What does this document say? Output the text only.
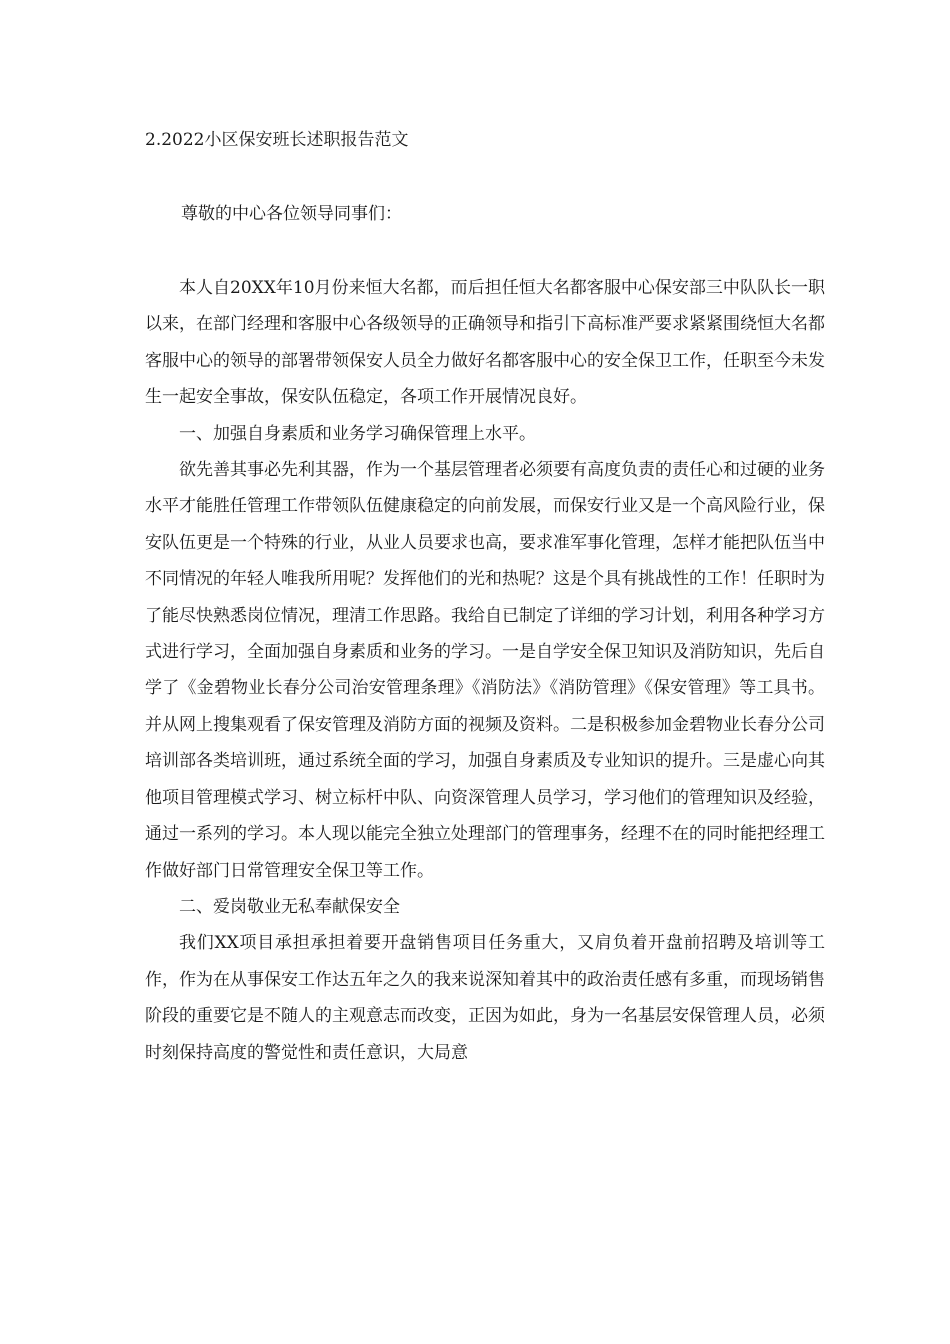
2.2022小区保安班长述职报告范文
尊敬的中心各位领导同事们：

本人自20XX年10月份来恒大名都，而后担任恒大名都客服中心保安部三中队队长一职以来，在部门经理和客服中心各级领导的正确领导和指引下高标准严要求紧紧围绕恒大名都客服中心的领导的部署带领保安人员全力做好名都客服中心的安全保卫工作，任职至今未发生一起安全事故，保安队伍稳定，各项工作开展情况良好。

一、加强自身素质和业务学习确保管理上水平。

欲先善其事必先利其器，作为一个基层管理者必须要有高度负责的责任心和过硬的业务水平才能胜任管理工作带领队伍健康稳定的向前发展，而保安行业又是一个高风险行业，保安队伍更是一个特殊的行业，从业人员要求也高，要求准军事化管理，怎样才能把队伍当中不同情况的年轻人唯我所用呢？发挥他们的光和热呢？这是个具有挑战性的工作！任职时为了能尽快熟悉岗位情况，理清工作思路。我给自已制定了详细的学习计划，利用各种学习方式进行学习，全面加强自身素质和业务的学习。一是自学安全保卫知识及消防知识，先后自学了《金碧物业长春分公司治安管理条理》《消防法》《消防管理》《保安管理》等工具书。并从网上搜集观看了保安管理及消防方面的视频及资料。二是积极参加金碧物业长春分公司培训部各类培训班，通过系统全面的学习，加强自身素质及专业知识的提升。三是虚心向其他项目管理模式学习、树立标杆中队、向资深管理人员学习，学习他们的管理知识及经验，通过一系列的学习。本人现以能完全独立处理部门的管理事务，经理不在的同时能把经理工作做好部门日常管理安全保卫等工作。

二、爱岗敬业无私奉献保安全

我们XX项目承担承担着要开盘销售项目任务重大，又肩负着开盘前招聘及培训等工作，作为在从事保安工作达五年之久的我来说深知着其中的政治责任感有多重，而现场销售阶段的重要它是不随人的主观意志而改变，正因为如此，身为一名基层安保管理人员，必须时刻保持高度的警觉性和责任意识，大局意
